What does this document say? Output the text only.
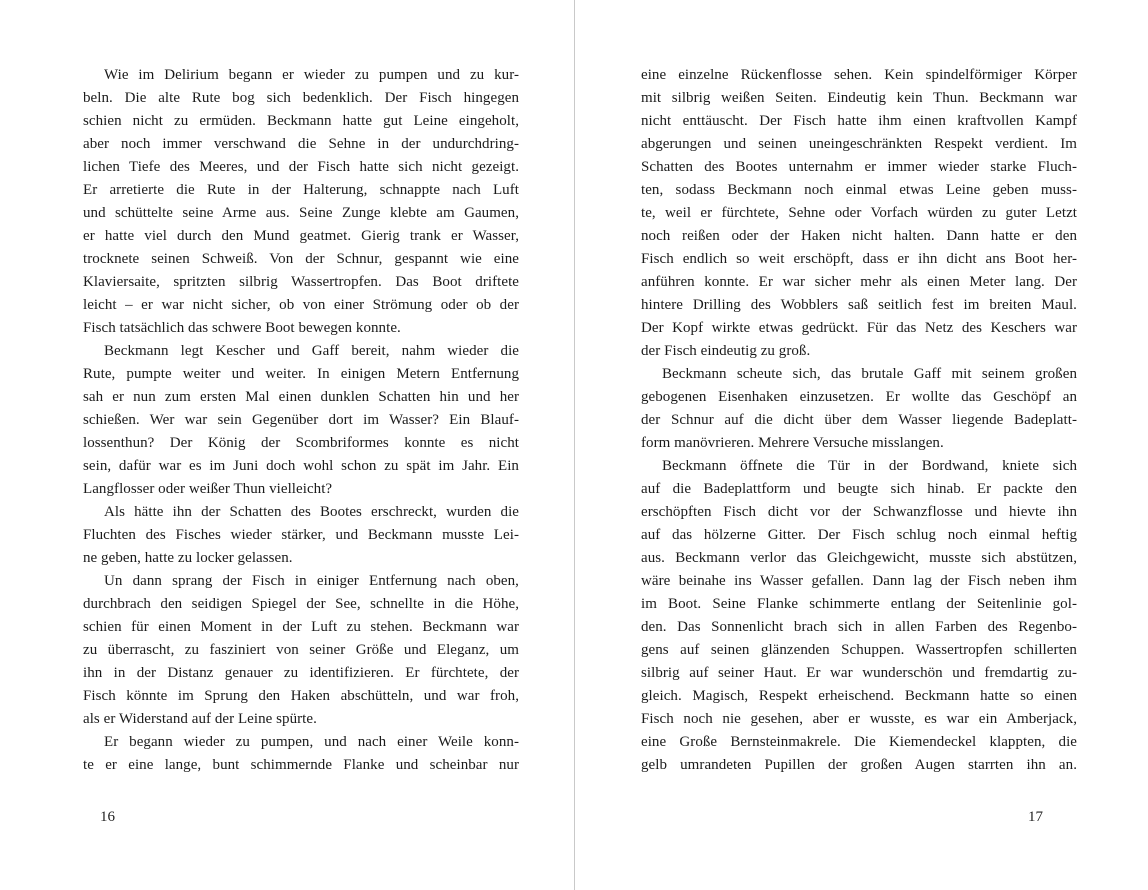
Wie im Delirium begann er wieder zu pumpen und zu kur-
beln. Die alte Rute bog sich bedenklich. Der Fisch hingegen
schien nicht zu ermüden. Beckmann hatte gut Leine eingeholt,
aber noch immer verschwand die Sehne in der undurchdring-
lichen Tiefe des Meeres, und der Fisch hatte sich nicht gezeigt.
Er arretierte die Rute in der Halterung, schnappte nach Luft
und schüttelte seine Arme aus. Seine Zunge klebte am Gaumen,
er hatte viel durch den Mund geatmet. Gierig trank er Wasser,
trocknete seinen Schweiß. Von der Schnur, gespannt wie eine
Klaviersaite, spritzten silbrig Wassertropfen. Das Boot driftete
leicht – er war nicht sicher, ob von einer Strömung oder ob der
Fisch tatsächlich das schwere Boot bewegen konnte.
Beckmann legt Kescher und Gaff bereit, nahm wieder die
Rute, pumpte weiter und weiter. In einigen Metern Entfernung
sah er nun zum ersten Mal einen dunklen Schatten hin und her
schießen. Wer war sein Gegenüber dort im Wasser? Ein Blauf-
lossenthun? Der König der Scombriformes konnte es nicht
sein, dafür war es im Juni doch wohl schon zu spät im Jahr. Ein
Langflosser oder weißer Thun vielleicht?
Als hätte ihn der Schatten des Bootes erschreckt, wurden die
Fluchten des Fisches wieder stärker, und Beckmann musste Lei-
ne geben, hatte zu locker gelassen.
Un dann sprang der Fisch in einiger Entfernung nach oben,
durchbrach den seidigen Spiegel der See, schnellte in die Höhe,
schien für einen Moment in der Luft zu stehen. Beckmann war
zu überrascht, zu fasziniert von seiner Größe und Eleganz, um
ihn in der Distanz genauer zu identifizieren. Er fürchtete, der
Fisch könnte im Sprung den Haken abschütteln, und war froh,
als er Widerstand auf der Leine spürte.
Er begann wieder zu pumpen, und nach einer Weile konn-
te er eine lange, bunt schimmernde Flanke und scheinbar nur
16
eine einzelne Rückenflosse sehen. Kein spindelförmiger Körper
mit silbrig weißen Seiten. Eindeutig kein Thun. Beckmann war
nicht enttäuscht. Der Fisch hatte ihm einen kraftvollen Kampf
abgerungen und seinen uneingeschränkten Respekt verdient. Im
Schatten des Bootes unternahm er immer wieder starke Fluch-
ten, sodass Beckmann noch einmal etwas Leine geben muss-
te, weil er fürchtete, Sehne oder Vorfach würden zu guter Letzt
noch reißen oder der Haken nicht halten. Dann hatte er den
Fisch endlich so weit erschöpft, dass er ihn dicht ans Boot her-
anführen konnte. Er war sicher mehr als einen Meter lang. Der
hintere Drilling des Wobblers saß seitlich fest im breiten Maul.
Der Kopf wirkte etwas gedrückt. Für das Netz des Keschers war
der Fisch eindeutig zu groß.
Beckmann scheute sich, das brutale Gaff mit seinem großen
gebogenen Eisenhaken einzusetzen. Er wollte das Geschöpf an
der Schnur auf die dicht über dem Wasser liegende Badeplatt-
form manövrieren. Mehrere Versuche misslangen.
Beckmann öffnete die Tür in der Bordwand, kniete sich
auf die Badeplattform und beugte sich hinab. Er packte den
erschöpften Fisch dicht vor der Schwanzflosse und hievte ihn
auf das hölzerne Gitter. Der Fisch schlug noch einmal heftig
aus. Beckmann verlor das Gleichgewicht, musste sich abstützen,
wäre beinahe ins Wasser gefallen. Dann lag der Fisch neben ihm
im Boot. Seine Flanke schimmerte entlang der Seitenlinie gol-
den. Das Sonnenlicht brach sich in allen Farben des Regenbo-
gens auf seinen glänzenden Schuppen. Wassertropfen schillerten
silbrig auf seiner Haut. Er war wunderschön und fremdartig zu-
gleich. Magisch, Respekt erheischend. Beckmann hatte so einen
Fisch noch nie gesehen, aber er wusste, es war ein Amberjack,
eine Große Bernsteinmakrele. Die Kiemendeckel klappten, die
gelb umrandeten Pupillen der großen Augen starrten ihn an.
17
